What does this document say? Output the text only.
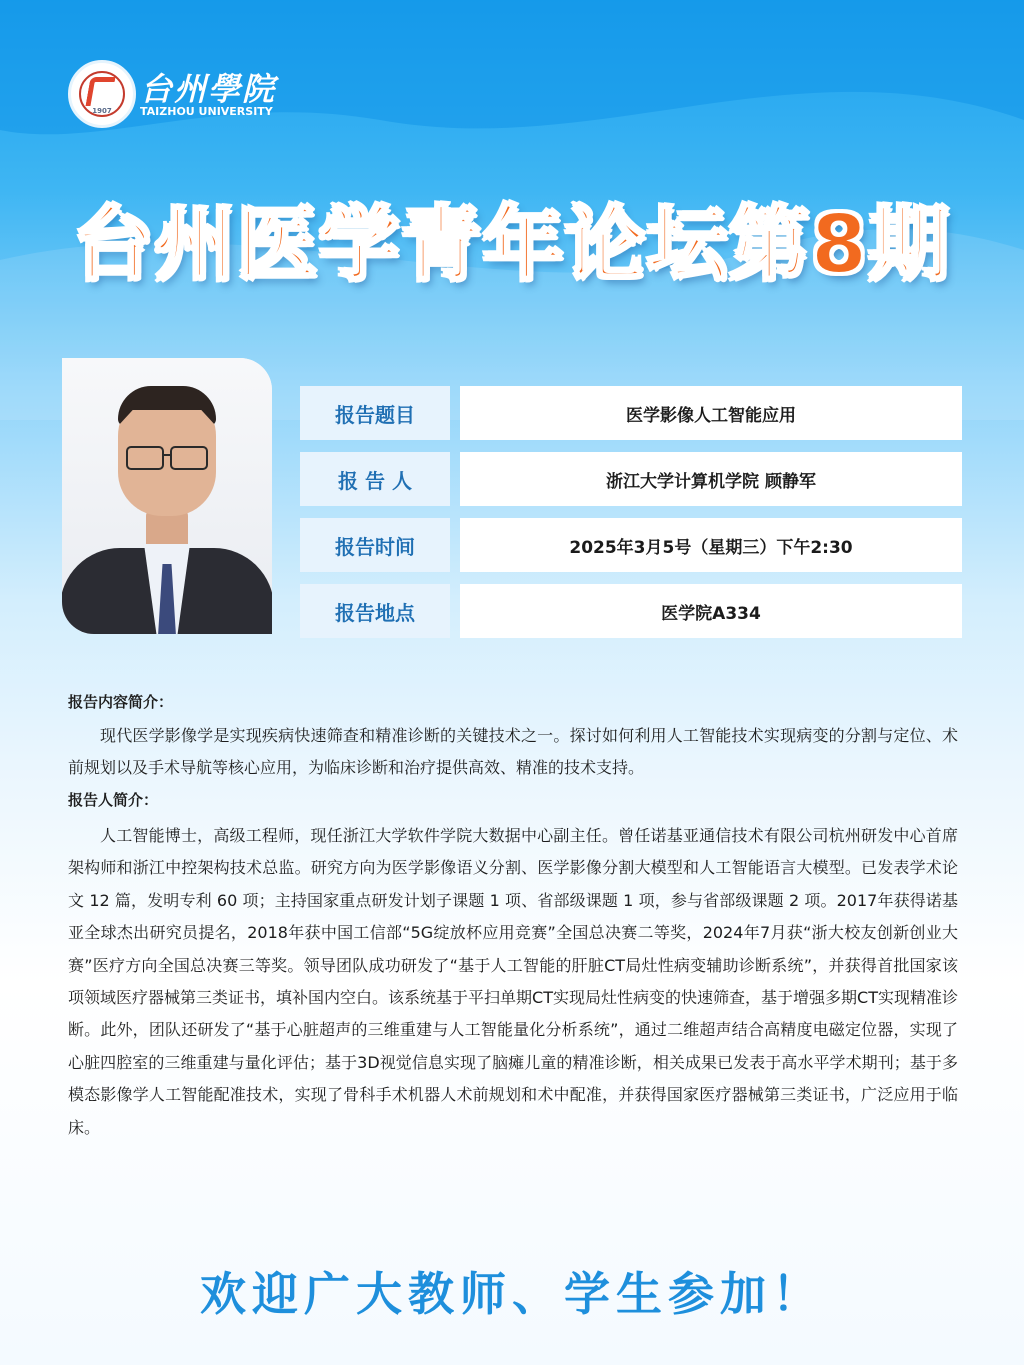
1907
台州學院
TAIZHOU UNIVERSITY
台州医学青年论坛第8期
报告题目	医学影像人工智能应用
报 告 人	浙江大学计算机学院 顾静军
报告时间	2025年3月5号（星期三）下午2:30
报告地点	医学院A334
报告内容简介：

现代医学影像学是实现疾病快速筛查和精准诊断的关键技术之一。探讨如何利用人工智能技术实现病变的分割与定位、术前规划以及手术导航等核心应用，为临床诊断和治疗提供高效、精准的技术支持。

报告人简介：

人工智能博士，高级工程师，现任浙江大学软件学院大数据中心副主任。曾任诺基亚通信技术有限公司杭州研发中心首席架构师和浙江中控架构技术总监。研究方向为医学影像语义分割、医学影像分割大模型和人工智能语言大模型。已发表学术论文 12 篇，发明专利 60 项；主持国家重点研发计划子课题 1 项、省部级课题 1 项，参与省部级课题 2 项。2017年获得诺基亚全球杰出研究员提名，2018年获中国工信部“5G绽放杯应用竞赛”全国总决赛二等奖，2024年7月获“浙大校友创新创业大赛”医疗方向全国总决赛三等奖。领导团队成功研发了“基于人工智能的肝脏CT局灶性病变辅助诊断系统”，并获得首批国家该项领域医疗器械第三类证书，填补国内空白。该系统基于平扫单期CT实现局灶性病变的快速筛查，基于增强多期CT实现精准诊断。此外，团队还研发了“基于心脏超声的三维重建与人工智能量化分析系统”，通过二维超声结合高精度电磁定位器，实现了心脏四腔室的三维重建与量化评估；基于3D视觉信息实现了脑瘫儿童的精准诊断，相关成果已发表于高水平学术期刊；基于多模态影像学人工智能配准技术，实现了骨科手术机器人术前规划和术中配准，并获得国家医疗器械第三类证书，广泛应用于临床。

欢迎广大教师、学生参加！
